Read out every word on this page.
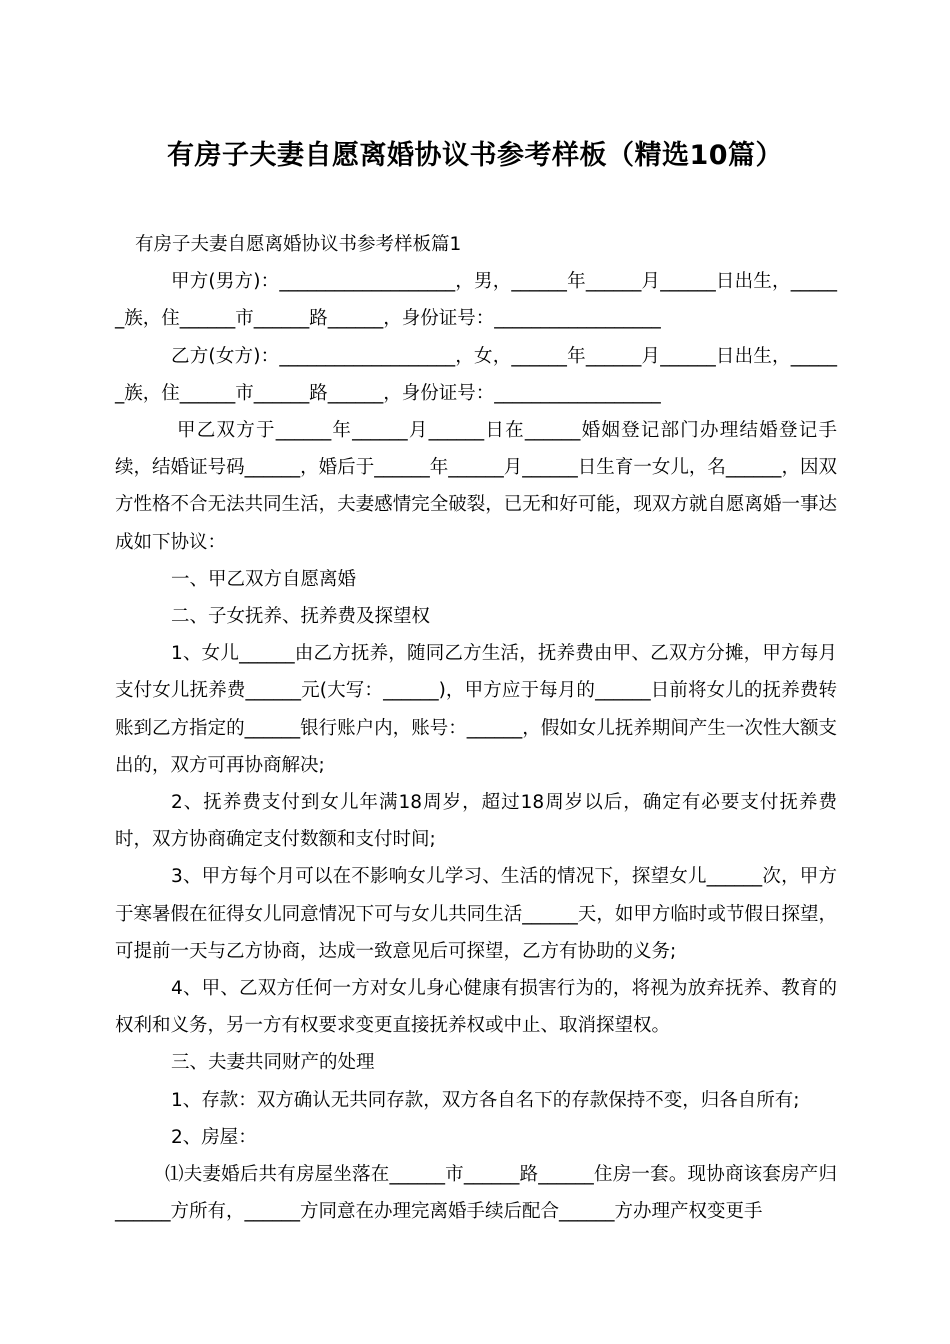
有房子夫妻自愿离婚协议书参考样板（精选10篇）

有房子夫妻自愿离婚协议书参考样板篇1

甲方(男方)：___________________，男，______年______月______日出生，______族，住______市______路______，身份证号：__________________

乙方(女方)：___________________，女，______年______月______日出生，______族，住______市______路______，身份证号：__________________

甲乙双方于______年______月______日在______婚姻登记部门办理结婚登记手续，结婚证号码______，婚后于______年______月______日生育一女儿，名______，因双方性格不合无法共同生活，夫妻感情完全破裂，已无和好可能，现双方就自愿离婚一事达成如下协议：

一、甲乙双方自愿离婚

二、子女抚养、抚养费及探望权

1、女儿______由乙方抚养，随同乙方生活，抚养费由甲、乙双方分摊，甲方每月支付女儿抚养费______元(大写：______)，甲方应于每月的______日前将女儿的抚养费转账到乙方指定的______银行账户内，账号：______，假如女儿抚养期间产生一次性大额支出的，双方可再协商解决;

2、抚养费支付到女儿年满18周岁，超过18周岁以后，确定有必要支付抚养费时，双方协商确定支付数额和支付时间;

3、甲方每个月可以在不影响女儿学习、生活的情况下，探望女儿______次，甲方于寒暑假在征得女儿同意情况下可与女儿共同生活______天，如甲方临时或节假日探望，可提前一天与乙方协商，达成一致意见后可探望，乙方有协助的义务;

4、甲、乙双方任何一方对女儿身心健康有损害行为的，将视为放弃抚养、教育的权利和义务，另一方有权要求变更直接抚养权或中止、取消探望权。

三、夫妻共同财产的处理

1、存款：双方确认无共同存款，双方各自名下的存款保持不变，归各自所有;

2、房屋：

⑴夫妻婚后共有房屋坐落在______市______路______住房一套。现协商该套房产归______方所有，______方同意在办理完离婚手续后配合______方办理产权变更手
